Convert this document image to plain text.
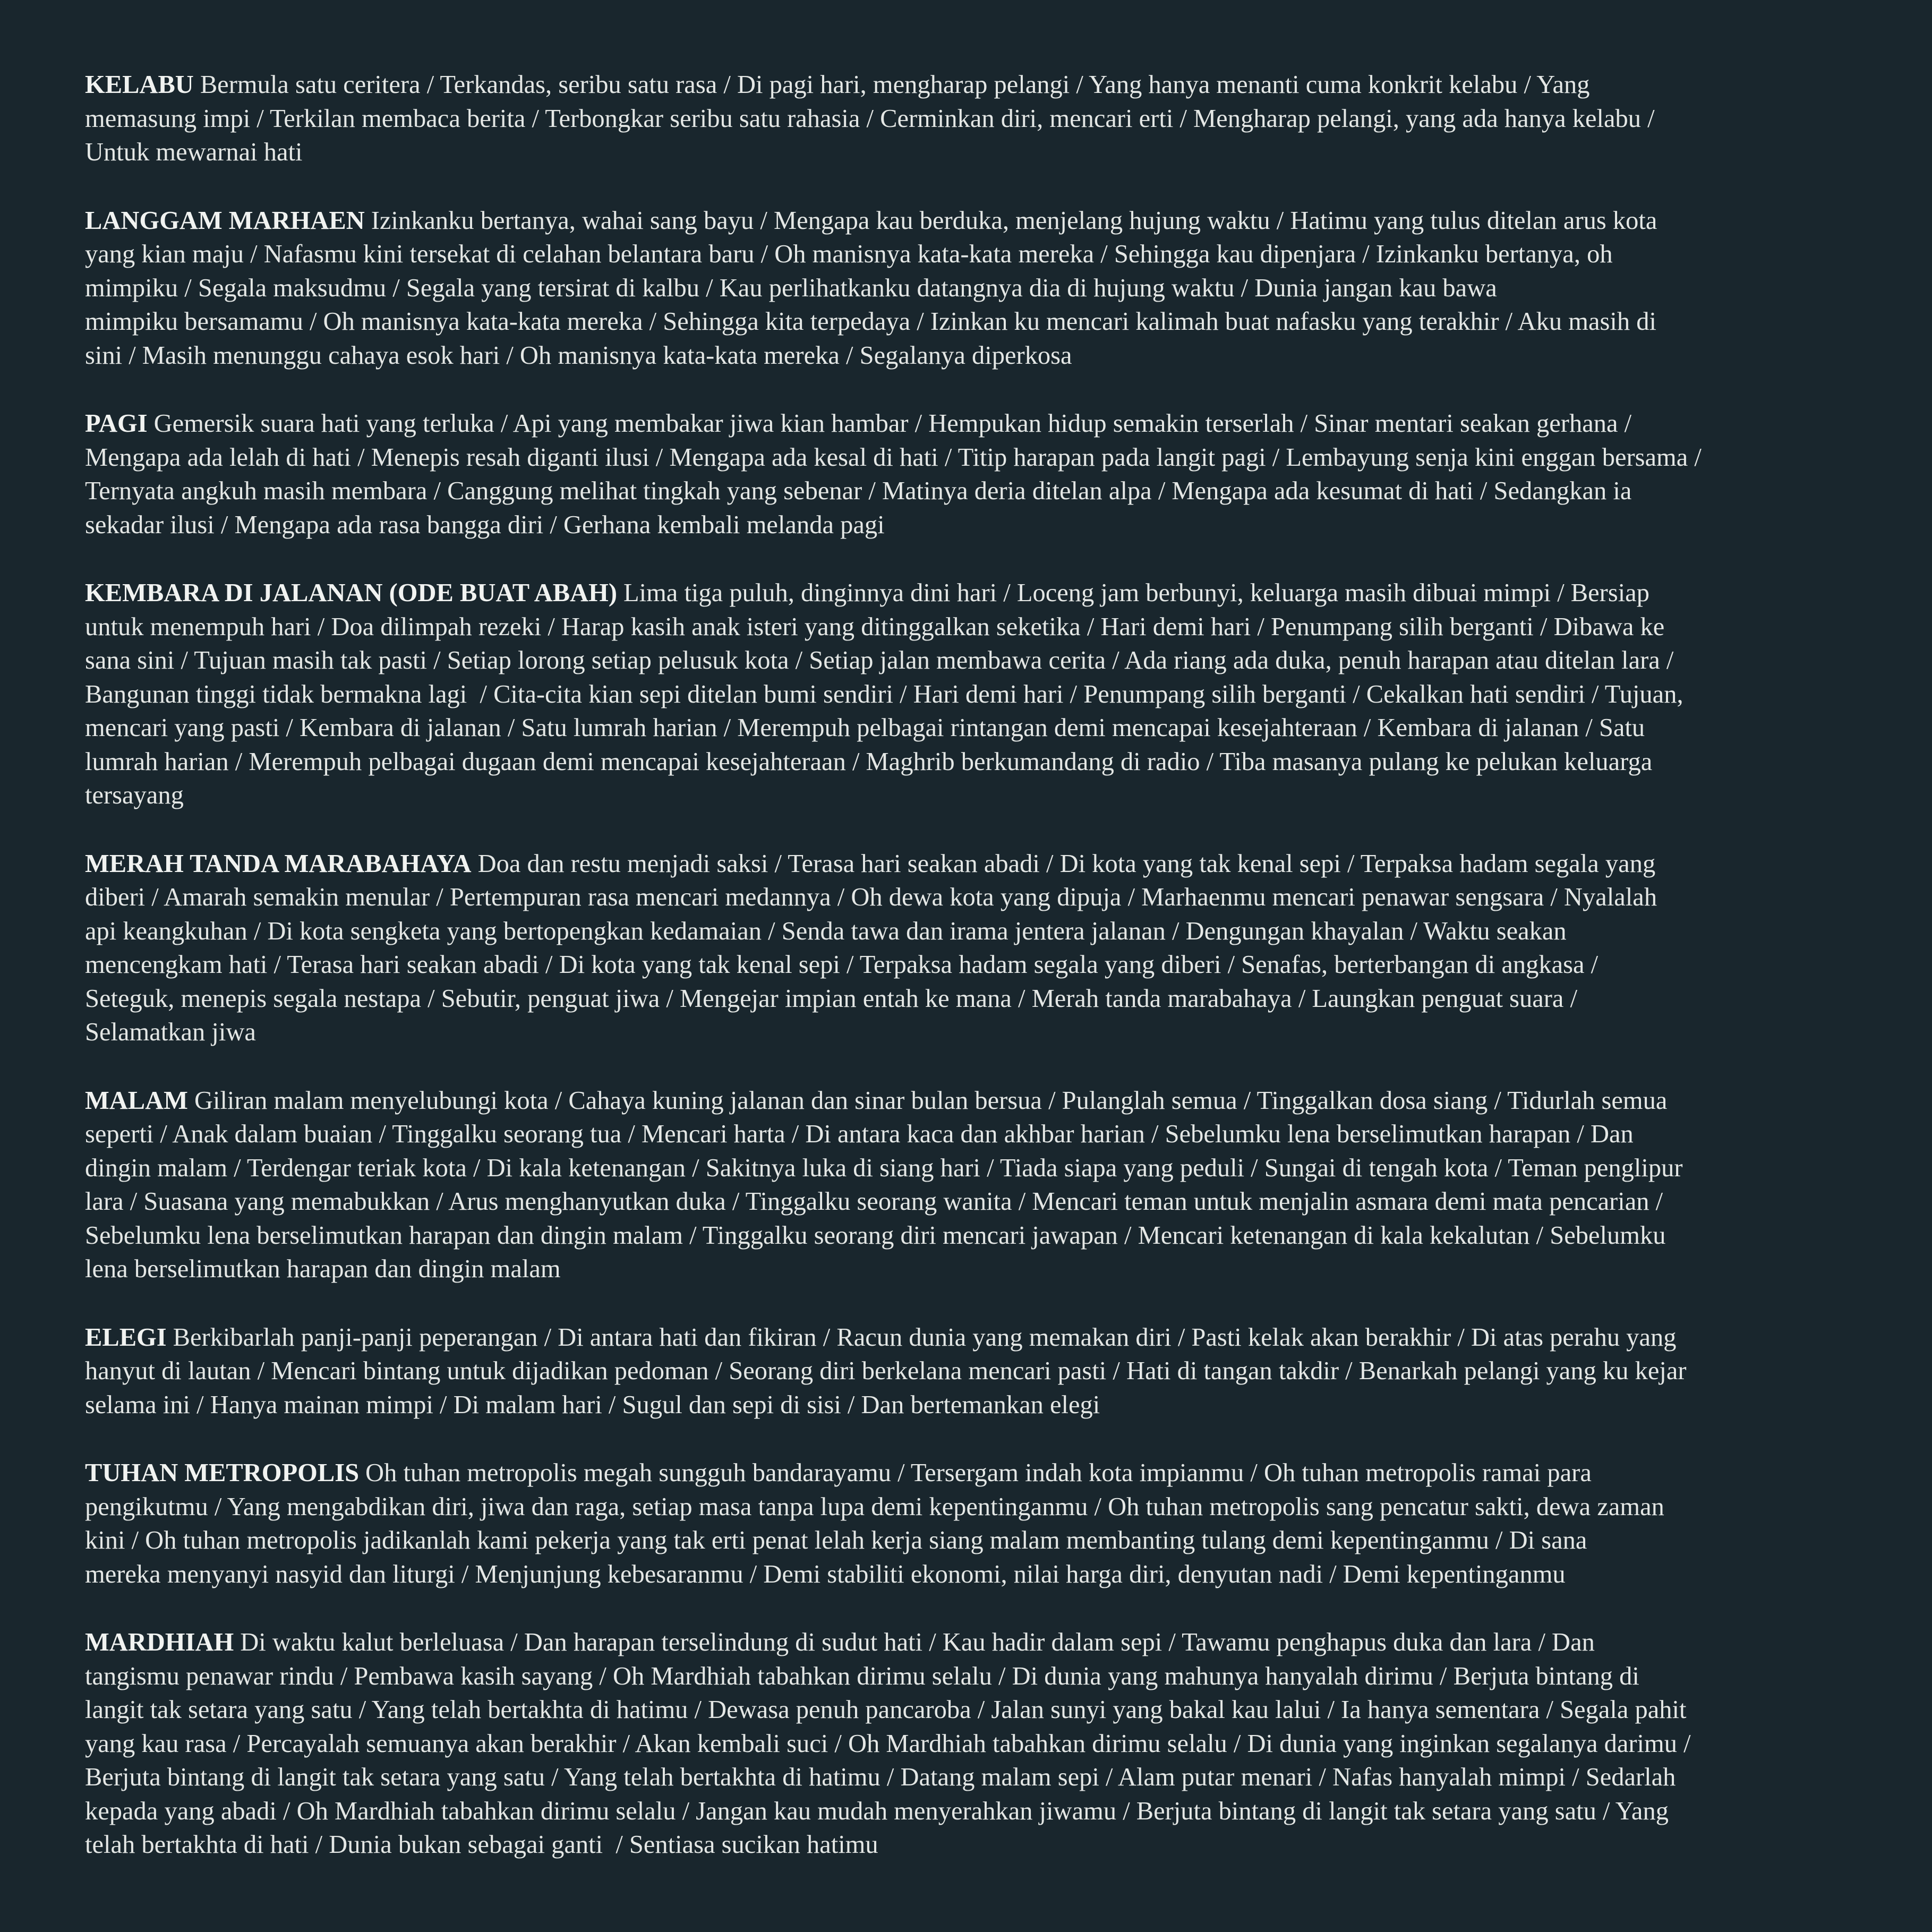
KELABU Bermula satu ceritera / Terkandas, seribu satu rasa / Di pagi hari, mengharap pelangi / Yang hanya menanti cuma konkrit kelabu / Yang
memasung impi / Terkilan membaca berita / Terbongkar seribu satu rahasia / Cerminkan diri, mencari erti / Mengharap pelangi, yang ada hanya kelabu /
Untuk mewarnai hati
LANGGAM MARHAEN Izinkanku bertanya, wahai sang bayu / Mengapa kau berduka, menjelang hujung waktu / Hatimu yang tulus ditelan arus kota
yang kian maju / Nafasmu kini tersekat di celahan belantara baru / Oh manisnya kata-kata mereka / Sehingga kau dipenjara / Izinkanku bertanya, oh
mimpiku / Segala maksudmu / Segala yang tersirat di kalbu / Kau perlihatkanku datangnya dia di hujung waktu / Dunia jangan kau bawa
mimpiku bersamamu / Oh manisnya kata-kata mereka / Sehingga kita terpedaya / Izinkan ku mencari kalimah buat nafasku yang terakhir / Aku masih di
sini / Masih menunggu cahaya esok hari / Oh manisnya kata-kata mereka / Segalanya diperkosa
PAGI Gemersik suara hati yang terluka / Api yang membakar jiwa kian hambar / Hempukan hidup semakin terserlah / Sinar mentari seakan gerhana /
Mengapa ada lelah di hati / Menepis resah diganti ilusi / Mengapa ada kesal di hati / Titip harapan pada langit pagi / Lembayung senja kini enggan bersama /
Ternyata angkuh masih membara / Canggung melihat tingkah yang sebenar / Matinya deria ditelan alpa / Mengapa ada kesumat di hati / Sedangkan ia
sekadar ilusi / Mengapa ada rasa bangga diri / Gerhana kembali melanda pagi
KEMBARA DI JALANAN (ODE BUAT ABAH) Lima tiga puluh, dinginnya dini hari / Loceng jam berbunyi, keluarga masih dibuai mimpi / Bersiap
untuk menempuh hari / Doa dilimpah rezeki / Harap kasih anak isteri yang ditinggalkan seketika / Hari demi hari / Penumpang silih berganti / Dibawa ke
sana sini / Tujuan masih tak pasti / Setiap lorong setiap pelusuk kota / Setiap jalan membawa cerita / Ada riang ada duka, penuh harapan atau ditelan lara /
Bangunan tinggi tidak bermakna lagi  / Cita-cita kian sepi ditelan bumi sendiri / Hari demi hari / Penumpang silih berganti / Cekalkan hati sendiri / Tujuan,
mencari yang pasti / Kembara di jalanan / Satu lumrah harian / Merempuh pelbagai rintangan demi mencapai kesejahteraan / Kembara di jalanan / Satu
lumrah harian / Merempuh pelbagai dugaan demi mencapai kesejahteraan / Maghrib berkumandang di radio / Tiba masanya pulang ke pelukan keluarga
tersayang
MERAH TANDA MARABAHAYA Doa dan restu menjadi saksi / Terasa hari seakan abadi / Di kota yang tak kenal sepi / Terpaksa hadam segala yang
diberi / Amarah semakin menular / Pertempuran rasa mencari medannya / Oh dewa kota yang dipuja / Marhaenmu mencari penawar sengsara / Nyalalah
api keangkuhan / Di kota sengketa yang bertopengkan kedamaian / Senda tawa dan irama jentera jalanan / Dengungan khayalan / Waktu seakan
mencengkam hati / Terasa hari seakan abadi / Di kota yang tak kenal sepi / Terpaksa hadam segala yang diberi / Senafas, berterbangan di angkasa /
Seteguk, menepis segala nestapa / Sebutir, penguat jiwa / Mengejar impian entah ke mana / Merah tanda marabahaya / Laungkan penguat suara /
Selamatkan jiwa
MALAM Giliran malam menyelubungi kota / Cahaya kuning jalanan dan sinar bulan bersua / Pulanglah semua / Tinggalkan dosa siang / Tidurlah semua
seperti / Anak dalam buaian / Tinggalku seorang tua / Mencari harta / Di antara kaca dan akhbar harian / Sebelumku lena berselimutkan harapan / Dan
dingin malam / Terdengar teriak kota / Di kala ketenangan / Sakitnya luka di siang hari / Tiada siapa yang peduli / Sungai di tengah kota / Teman penglipur
lara / Suasana yang memabukkan / Arus menghanyutkan duka / Tinggalku seorang wanita / Mencari teman untuk menjalin asmara demi mata pencarian /
Sebelumku lena berselimutkan harapan dan dingin malam / Tinggalku seorang diri mencari jawapan / Mencari ketenangan di kala kekalutan / Sebelumku
lena berselimutkan harapan dan dingin malam
ELEGI Berkibarlah panji-panji peperangan / Di antara hati dan fikiran / Racun dunia yang memakan diri / Pasti kelak akan berakhir / Di atas perahu yang
hanyut di lautan / Mencari bintang untuk dijadikan pedoman / Seorang diri berkelana mencari pasti / Hati di tangan takdir / Benarkah pelangi yang ku kejar
selama ini / Hanya mainan mimpi / Di malam hari / Sugul dan sepi di sisi / Dan bertemankan elegi
TUHAN METROPOLIS Oh tuhan metropolis megah sungguh bandarayamu / Tersergam indah kota impianmu / Oh tuhan metropolis ramai para
pengikutmu / Yang mengabdikan diri, jiwa dan raga, setiap masa tanpa lupa demi kepentinganmu / Oh tuhan metropolis sang pencatur sakti, dewa zaman
kini / Oh tuhan metropolis jadikanlah kami pekerja yang tak erti penat lelah kerja siang malam membanting tulang demi kepentinganmu / Di sana
mereka menyanyi nasyid dan liturgi / Menjunjung kebesaranmu / Demi stabiliti ekonomi, nilai harga diri, denyutan nadi / Demi kepentinganmu
MARDHIAH Di waktu kalut berleluasa / Dan harapan terselindung di sudut hati / Kau hadir dalam sepi / Tawamu penghapus duka dan lara / Dan
tangismu penawar rindu / Pembawa kasih sayang / Oh Mardhiah tabahkan dirimu selalu / Di dunia yang mahunya hanyalah dirimu / Berjuta bintang di
langit tak setara yang satu / Yang telah bertakhta di hatimu / Dewasa penuh pancaroba / Jalan sunyi yang bakal kau lalui / Ia hanya sementara / Segala pahit
yang kau rasa / Percayalah semuanya akan berakhir / Akan kembali suci / Oh Mardhiah tabahkan dirimu selalu / Di dunia yang inginkan segalanya darimu /
Berjuta bintang di langit tak setara yang satu / Yang telah bertakhta di hatimu / Datang malam sepi / Alam putar menari / Nafas hanyalah mimpi / Sedarlah
kepada yang abadi / Oh Mardhiah tabahkan dirimu selalu / Jangan kau mudah menyerahkan jiwamu / Berjuta bintang di langit tak setara yang satu / Yang
telah bertakhta di hati / Dunia bukan sebagai ganti  / Sentiasa sucikan hatimu
